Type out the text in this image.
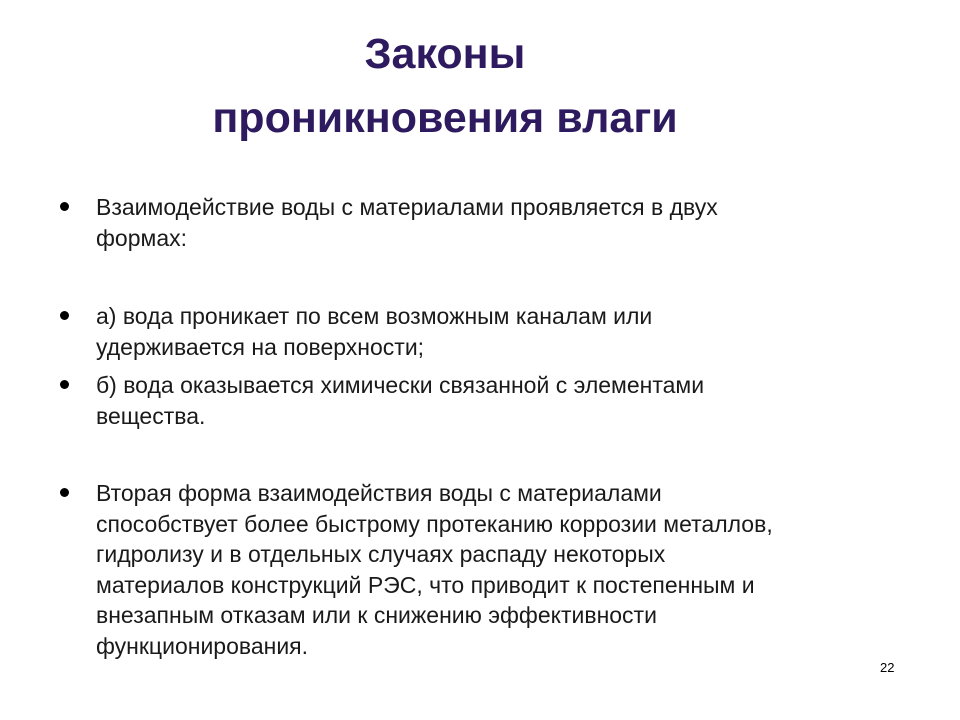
Законы
проникновения влаги
Взаимодействие воды с материалами проявляется в двух
формах:
а) вода проникает по всем возможным каналам или
удерживается на поверхности;
б) вода оказывается химически связанной с элементами
вещества.
Вторая форма взаимодействия воды с материалами
способствует более быстрому протеканию коррозии металлов,
гидролизу и в отдельных случаях распаду некоторых
материалов конструкций РЭС, что приводит к постепенным и
внезапным отказам или к снижению эффективности
функционирования.
22
